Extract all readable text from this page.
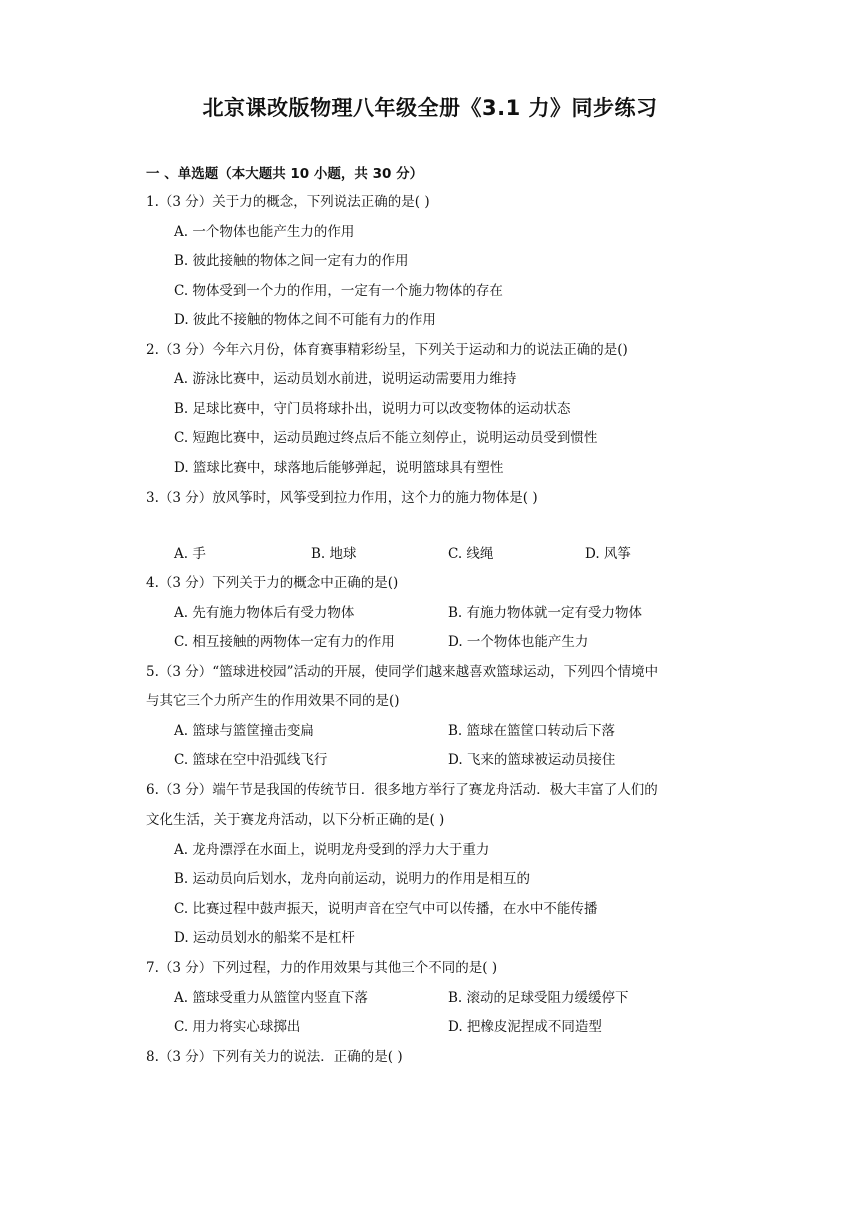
北京课改版物理八年级全册《3.1 力》同步练习
一 、单选题（本大题共 10 小题，共 30 分）
1.（3 分）关于力的概念，下列说法正确的是( )
A. 一个物体也能产生力的作用
B. 彼此接触的物体之间一定有力的作用
C. 物体受到一个力的作用，一定有一个施力物体的存在
D. 彼此不接触的物体之间不可能有力的作用
2.（3 分）今年六月份，体育赛事精彩纷呈，下列关于运动和力的说法正确的是()
A. 游泳比赛中，运动员划水前进，说明运动需要用力维持
B. 足球比赛中，守门员将球扑出，说明力可以改变物体的运动状态
C. 短跑比赛中，运动员跑过终点后不能立刻停止，说明运动员受到惯性
D. 篮球比赛中，球落地后能够弹起，说明篮球具有塑性
3.（3 分）放风筝时，风筝受到拉力作用，这个力的施力物体是( )
A. 手	B. 地球	C. 线绳	D. 风筝
4.（3 分）下列关于力的概念中正确的是()
A. 先有施力物体后有受力物体	B. 有施力物体就一定有受力物体
C. 相互接触的两物体一定有力的作用	D. 一个物体也能产生力
5.（3 分）“篮球进校园”活动的开展，使同学们越来越喜欢篮球运动，下列四个情境中
与其它三个力所产生的作用效果不同的是()
A. 篮球与篮筐撞击变扁	B. 篮球在篮筐口转动后下落
C. 篮球在空中沿弧线飞行	D. 飞来的篮球被运动员接住
6.（3 分）端午节是我国的传统节日．很多地方举行了赛龙舟活动．极大丰富了人们的
文化生活，关于赛龙舟活动，以下分析正确的是( )
A. 龙舟漂浮在水面上，说明龙舟受到的浮力大于重力
B. 运动员向后划水，龙舟向前运动，说明力的作用是相互的
C. 比赛过程中鼓声振天，说明声音在空气中可以传播，在水中不能传播
D. 运动员划水的船桨不是杠杆
7.（3 分）下列过程，力的作用效果与其他三个不同的是( )
A. 篮球受重力从篮筐内竖直下落	B. 滚动的足球受阻力缓缓停下
C. 用力将实心球掷出	D. 把橡皮泥捏成不同造型
8.（3 分）下列有关力的说法．正确的是( )
